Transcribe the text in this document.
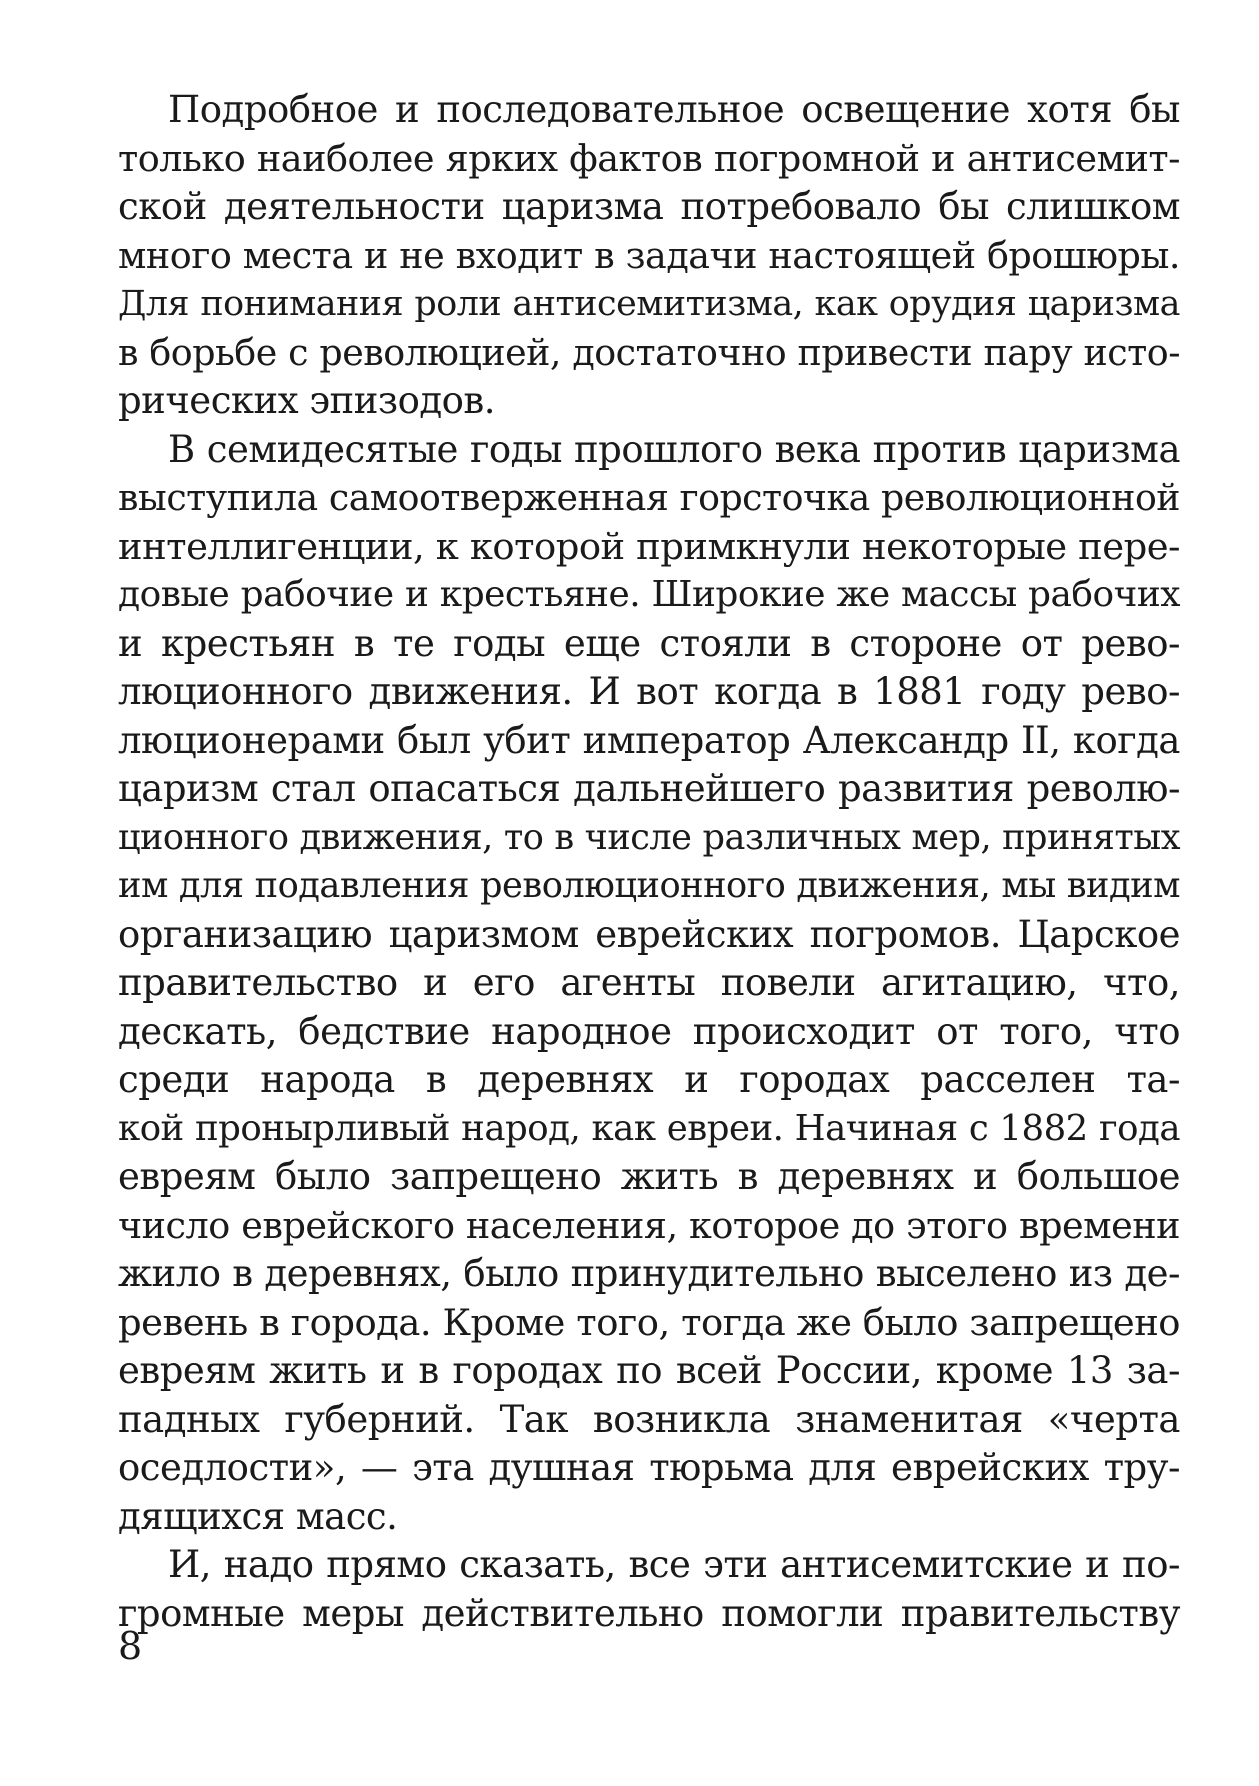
Подробное и последовательное освещение хотя бы
только наиболее ярких фактов погромной и антисемит-
ской деятельности царизма потребовало бы слишком
много места и не входит в задачи настоящей брошюры.
Для понимания роли антисемитизма, как орудия царизма
в борьбе с революцией, достаточно привести пару исто-
рических эпизодов.
В семидесятые годы прошлого века против царизма
выступила самоотверженная горсточка революционной
интеллигенции, к которой примкнули некоторые пере-
довые рабочие и крестьяне. Широкие же массы рабочих
и крестьян в те годы еще стояли в стороне от рево-
люционного движения. И вот когда в 1881 году рево-
люционерами был убит император Александр II, когда
царизм стал опасаться дальнейшего развития револю-
ционного движения, то в числе различных мер, принятых
им для подавления революционного движения, мы видим
организацию царизмом еврейских погромов. Царское
правительство и его агенты повели агитацию, что,
дескать, бедствие народное происходит от того, что
среди народа в деревнях и городах расселен та-
кой пронырливый народ, как евреи. Начиная с 1882 года
евреям было запрещено жить в деревнях и большое
число еврейского населения, которое до этого времени
жило в деревнях, было принудительно выселено из де-
ревень в города. Кроме того, тогда же было запрещено
евреям жить и в городах по всей России, кроме 13 за-
падных губерний. Так возникла знаменитая «черта
оседлости», — эта душная тюрьма для еврейских тру-
дящихся масс.
И, надо прямо сказать, все эти антисемитские и по-
громные меры действительно помогли правительству
8
